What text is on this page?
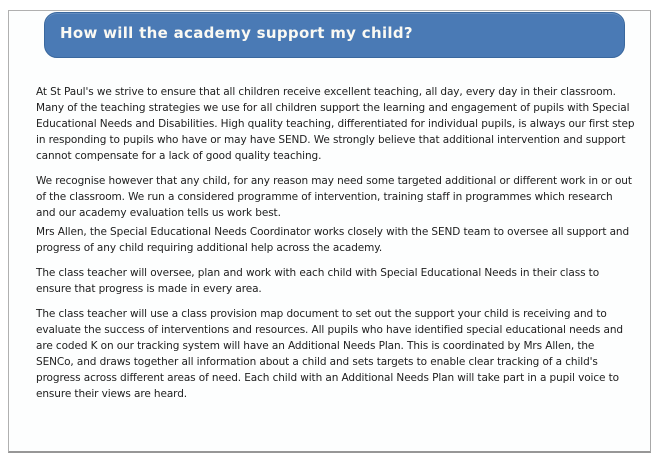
How will the academy support my child?

At St Paul's we strive to ensure that all children receive excellent teaching, all day, every day in their classroom. Many of the teaching strategies we use for all children support the learning and engagement of pupils with Special Educational Needs and Disabilities. High quality teaching, differentiated for individual pupils, is always our first step in responding to pupils who have or may have SEND. We strongly believe that additional intervention and support cannot compensate for a lack of good quality teaching.

We recognise however that any child, for any reason may need some targeted additional or different work in or out of the classroom. We run a considered programme of intervention, training staff in programmes which research and our academy evaluation tells us work best.

Mrs Allen, the Special Educational Needs Coordinator works closely with the SEND team to oversee all support and progress of any child requiring additional help across the academy.

The class teacher will oversee, plan and work with each child with Special Educational Needs in their class to ensure that progress is made in every area.

The class teacher will use a class provision map document to set out the support your child is receiving and to evaluate the success of interventions and resources. All pupils who have identified special educational needs and are coded K on our tracking system will have an Additional Needs Plan. This is coordinated by Mrs Allen, the SENCo, and draws together all information about a child and sets targets to enable clear tracking of a child's progress across different areas of need. Each child with an Additional Needs Plan will take part in a pupil voice to ensure their views are heard.
